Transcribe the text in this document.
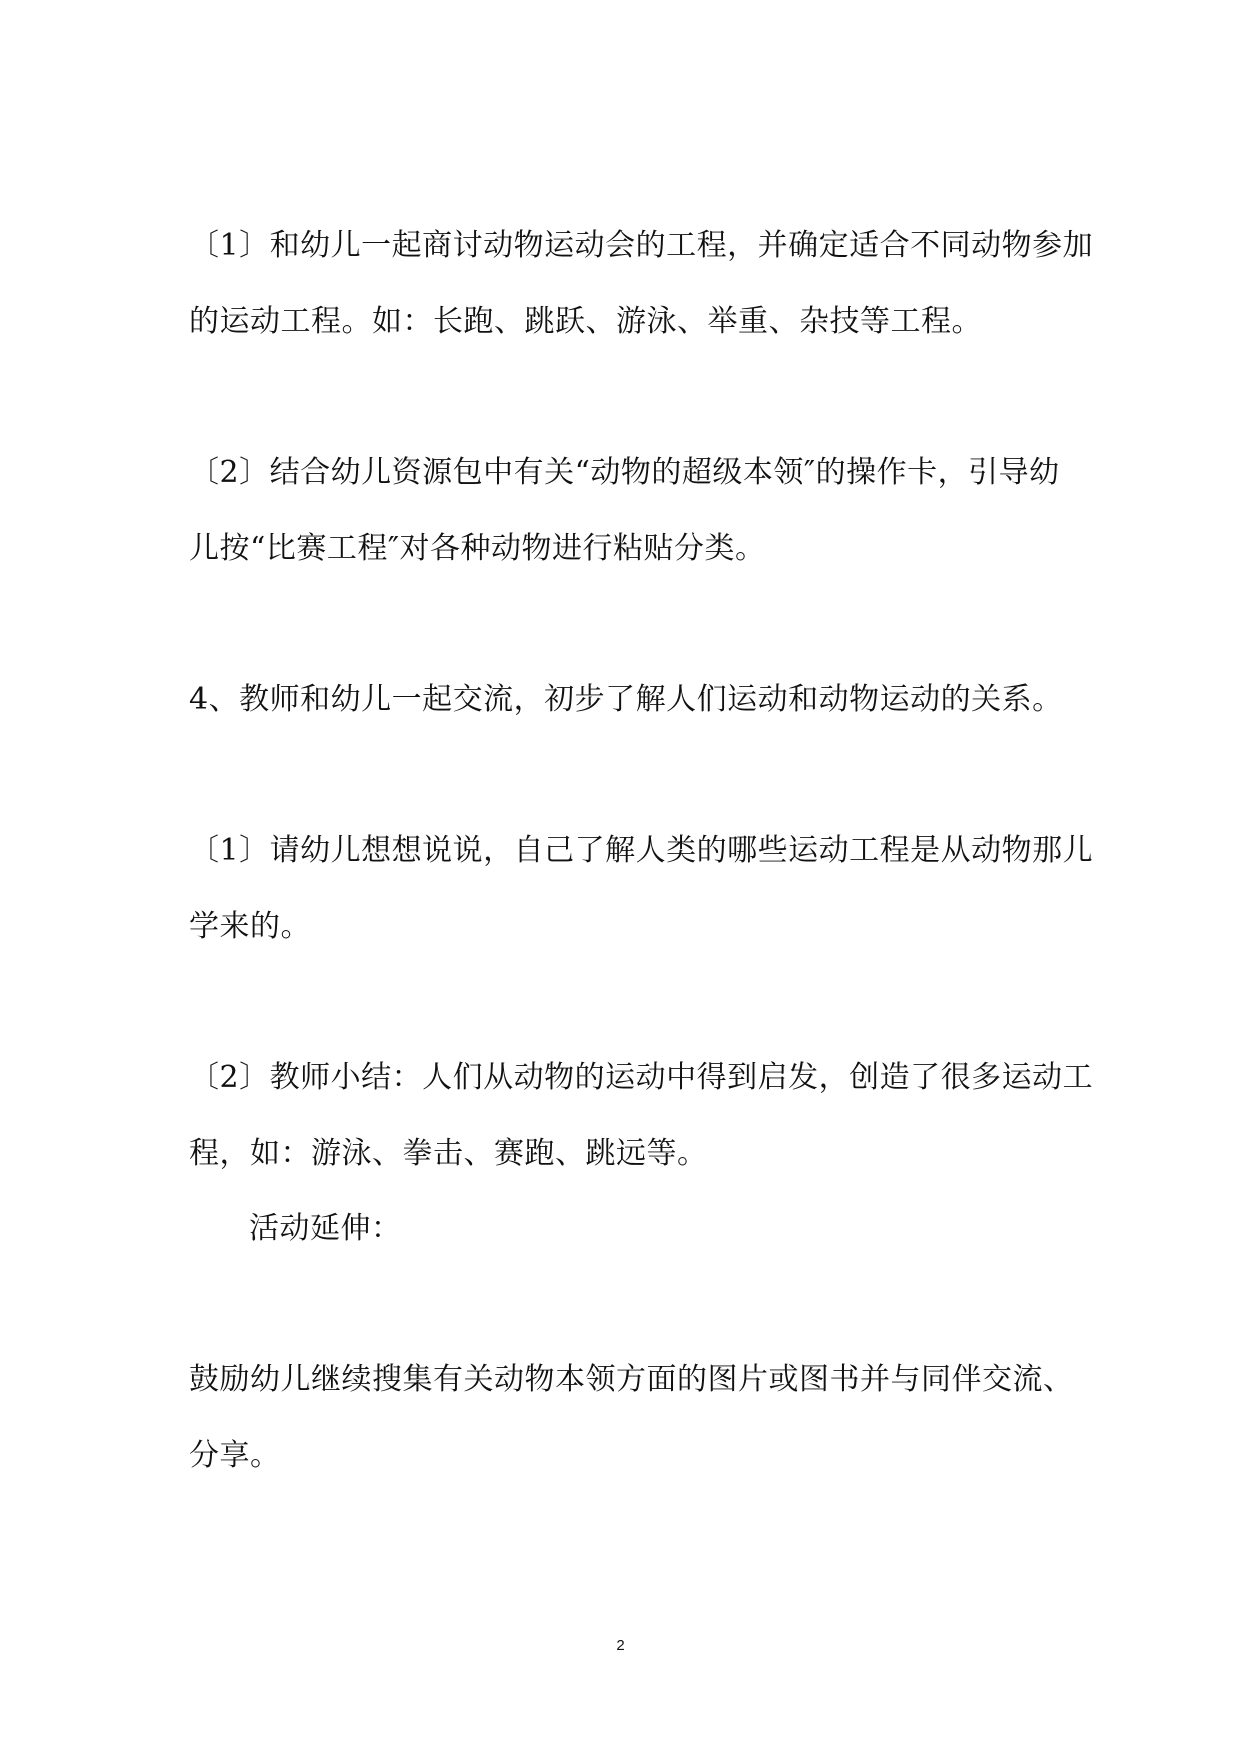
〔1〕和幼儿一起商讨动物运动会的工程，并确定适合不同动物参加
的运动工程。如：长跑、跳跃、游泳、举重、杂技等工程。
〔2〕结合幼儿资源包中有关“动物的超级本领″的操作卡，引导幼
儿按“比赛工程″对各种动物进行粘贴分类。
4、教师和幼儿一起交流，初步了解人们运动和动物运动的关系。
〔1〕请幼儿想想说说，自己了解人类的哪些运动工程是从动物那儿
学来的。
〔2〕教师小结：人们从动物的运动中得到启发，创造了很多运动工
程，如：游泳、拳击、赛跑、跳远等。
活动延伸：
鼓励幼儿继续搜集有关动物本领方面的图片或图书并与同伴交流、
分享。
2
